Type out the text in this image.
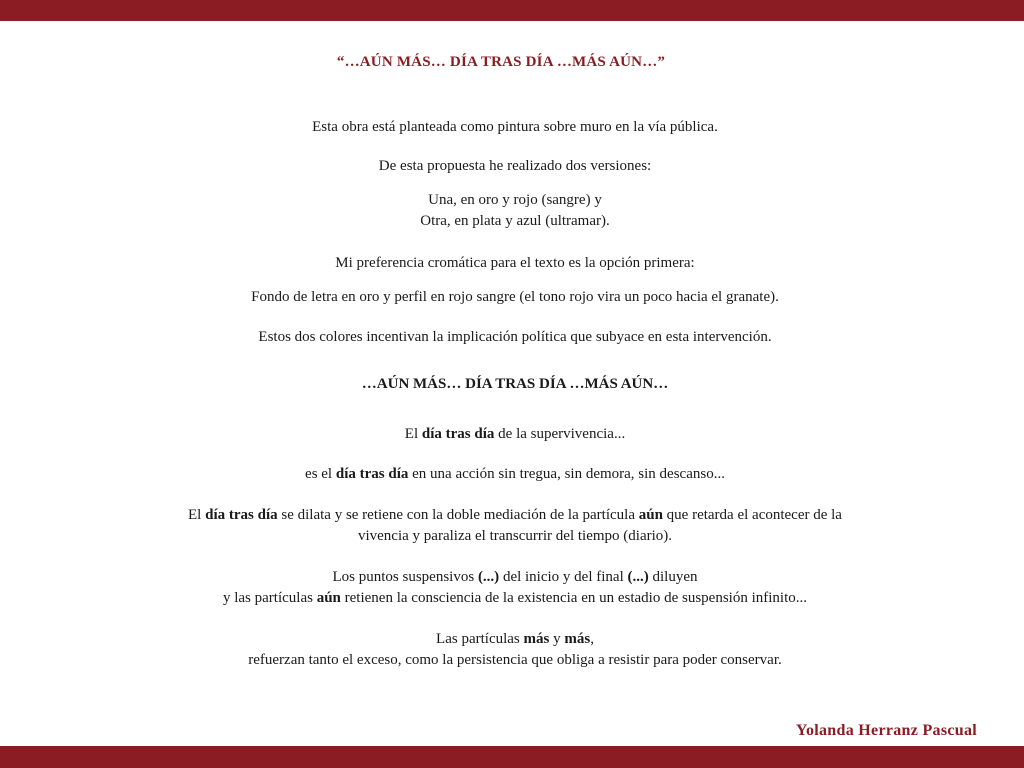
“…AÚN MÁS… DÍA TRAS DÍA …MÁS AÚN…”
Esta obra está planteada como pintura sobre muro en la vía pública.
De esta propuesta he realizado dos versiones:
Una, en oro y rojo (sangre) y
Otra, en plata y azul (ultramar).
Mi preferencia cromática para el texto es la opción primera:
Fondo de letra en oro y perfil en rojo sangre (el tono rojo vira un poco hacia el granate).
Estos dos colores incentivan la implicación política que subyace en esta intervención.
…AÚN MÁS… DÍA TRAS DÍA …MÁS AÚN…
El día tras día de la supervivencia...
es el día tras día en una acción sin tregua, sin demora, sin descanso...
El día tras día se dilata y se retiene con la doble mediación de la partícula aún que retarda el acontecer de la
vivencia y paraliza el transcurrir del tiempo (diario).
Los puntos suspensivos (...) del inicio y del final (...) diluyen
y las partículas aún retienen la consciencia de la existencia en un estadio de suspensión infinito...
Las partículas más y más,
refuerzan tanto el exceso, como la persistencia que obliga a resistir para poder conservar.
Yolanda Herranz Pascual
